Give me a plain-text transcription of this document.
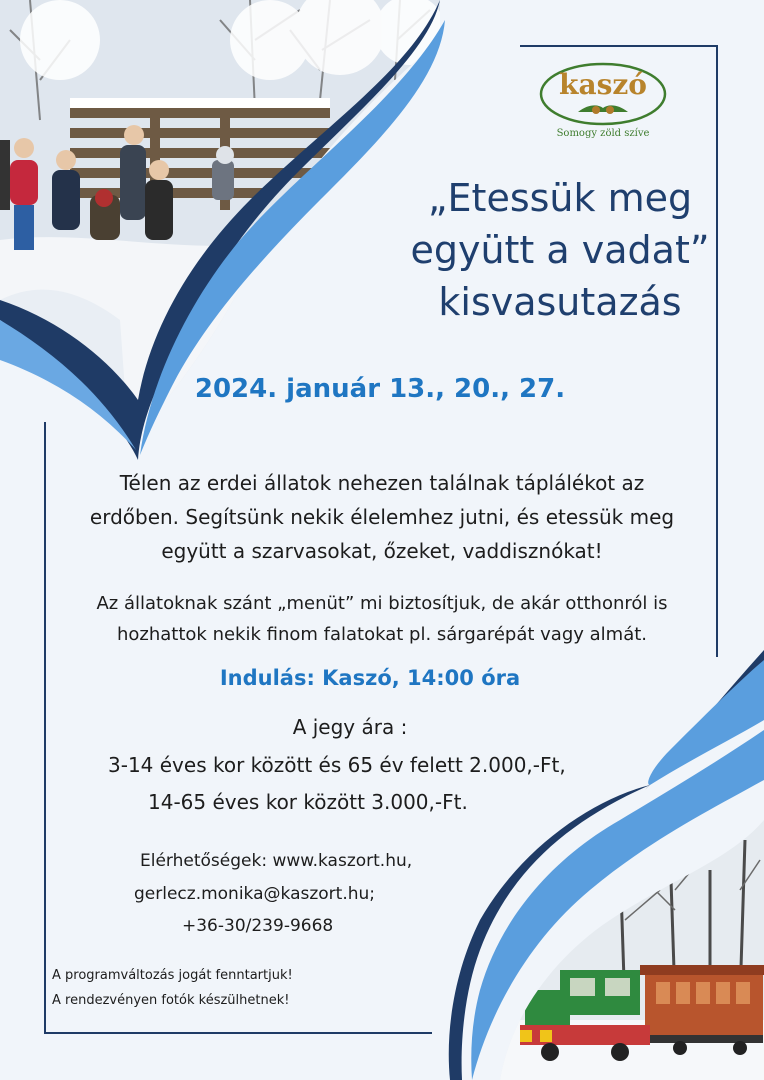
kaszó
Somogy zöld szíve
„Etessük meg
együtt a vadat”
kisvasutazás
2024. január 13., 20., 27.
Télen az erdei állatok nehezen találnak táplálékot az
erdőben. Segítsünk nekik élelemhez jutni, és etessük meg
együtt a szarvasokat, őzeket, vaddisznókat!
Az állatoknak szánt „menüt” mi biztosítjuk, de akár otthonról is
hozhattok nekik finom falatokat pl. sárgarépát vagy almát.
Indulás: Kaszó, 14:00 óra
A jegy ára :
3-14 éves kor között és 65 év felett 2.000,-Ft,
14-65 éves kor között 3.000,-Ft.
Elérhetőségek: www.kaszort.hu,
gerlecz.monika@kaszort.hu;
+36-30/239-9668
A programváltozás jogát fenntartjuk!
A rendezvényen fotók készülhetnek!
